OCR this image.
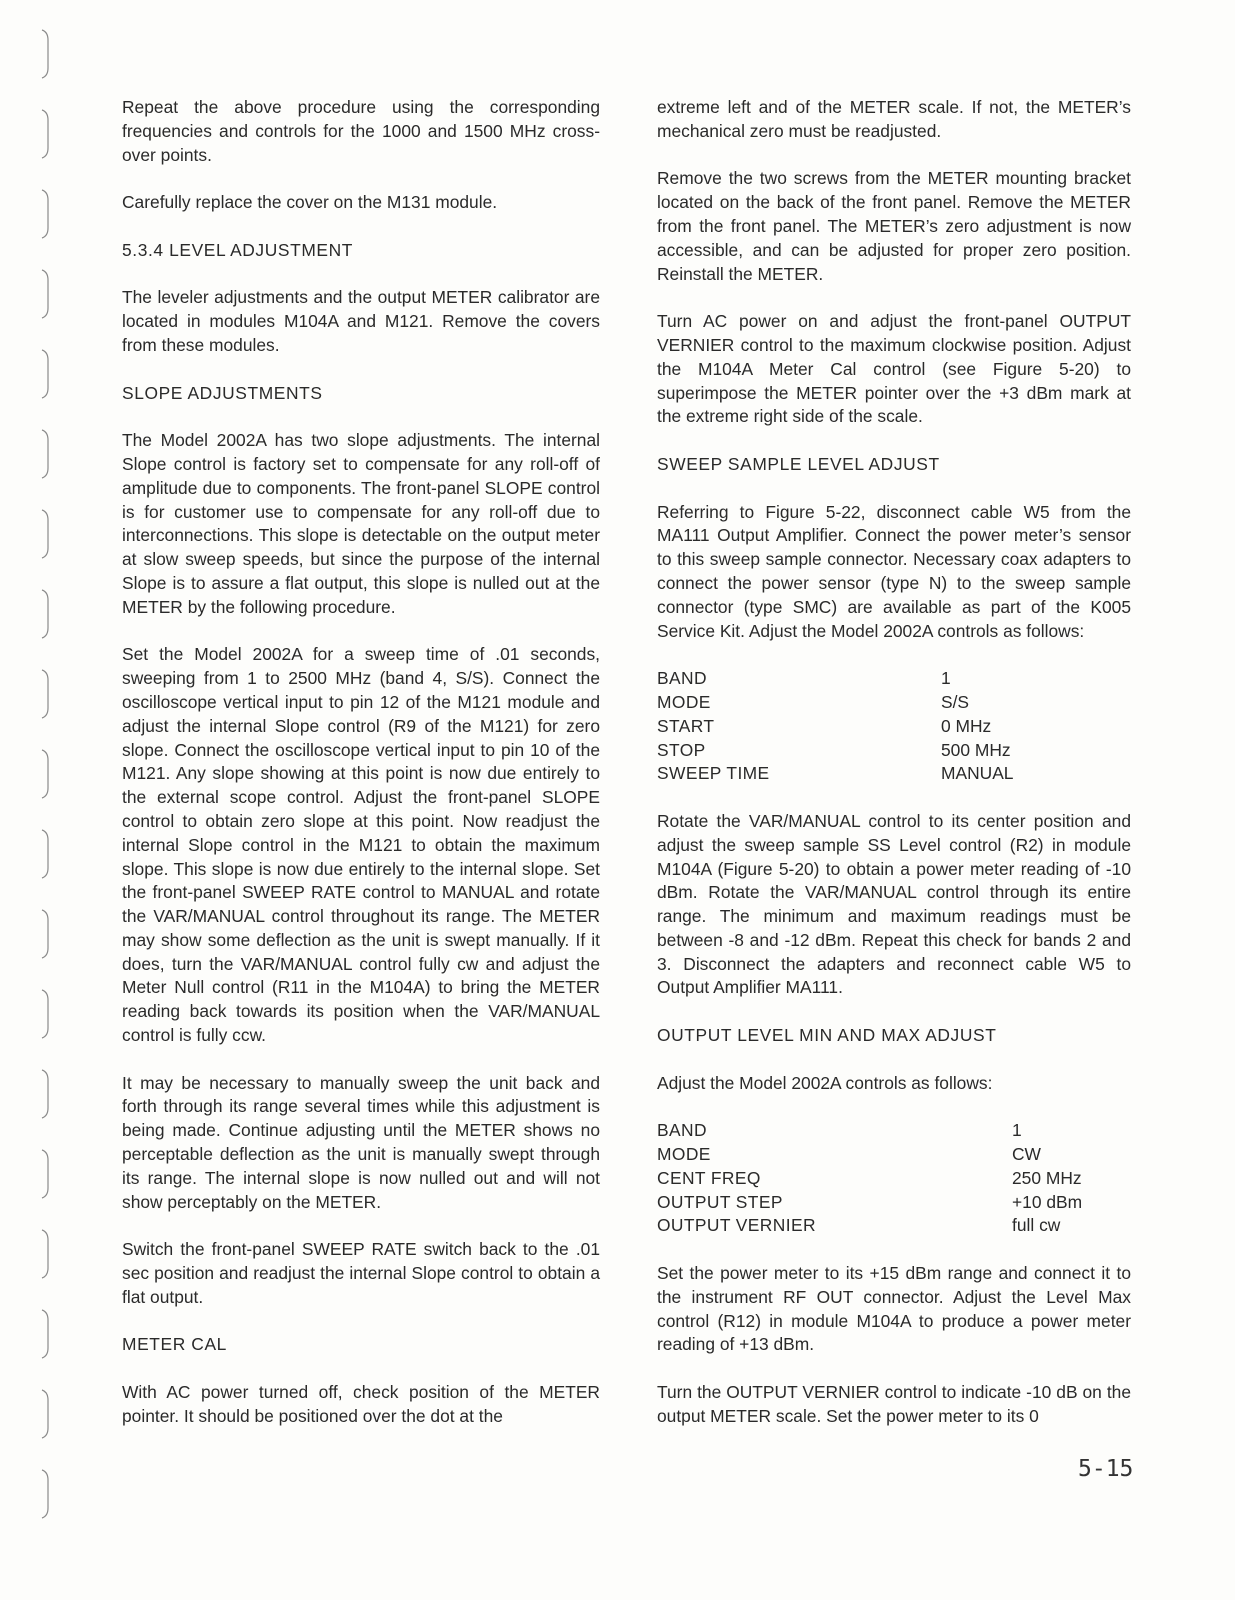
Repeat the above procedure using the corresponding frequencies and controls for the 1000 and 1500 MHz cross-over points.

Carefully replace the cover on the M131 module.

5.3.4 LEVEL ADJUSTMENT

The leveler adjustments and the output METER calibrator are located in modules M104A and M121. Remove the covers from these modules.

SLOPE ADJUSTMENTS

The Model 2002A has two slope adjustments. The internal Slope control is factory set to compensate for any roll-off of amplitude due to components. The front-panel SLOPE control is for customer use to compensate for any roll-off due to interconnections. This slope is detectable on the output meter at slow sweep speeds, but since the purpose of the internal Slope is to assure a flat output, this slope is nulled out at the METER by the following procedure.

Set the Model 2002A for a sweep time of .01 seconds, sweeping from 1 to 2500 MHz (band 4, S/S). Connect the oscilloscope vertical input to pin 12 of the M121 module and adjust the internal Slope control (R9 of the M121) for zero slope. Connect the oscilloscope vertical input to pin 10 of the M121. Any slope showing at this point is now due entirely to the external scope control. Adjust the front-panel SLOPE control to obtain zero slope at this point. Now readjust the internal Slope control in the M121 to obtain the maximum slope. This slope is now due entirely to the internal slope. Set the front-panel SWEEP RATE control to MANUAL and rotate the VAR/MANUAL control throughout its range. The METER may show some deflection as the unit is swept manually. If it does, turn the VAR/MANUAL control fully cw and adjust the Meter Null control (R11 in the M104A) to bring the METER reading back towards its position when the VAR/MANUAL control is fully ccw.

It may be necessary to manually sweep the unit back and forth through its range several times while this adjustment is being made. Continue adjusting until the METER shows no perceptable deflection as the unit is manually swept through its range. The internal slope is now nulled out and will not show perceptably on the METER.

Switch the front-panel SWEEP RATE switch back to the .01 sec position and readjust the internal Slope control to obtain a flat output.

METER CAL

With AC power turned off, check position of the METER pointer. It should be positioned over the dot at the

extreme left and of the METER scale. If not, the METER’s mechanical zero must be readjusted.

Remove the two screws from the METER mounting bracket located on the back of the front panel. Remove the METER from the front panel. The METER’s zero adjustment is now accessible, and can be adjusted for proper zero position. Reinstall the METER.

Turn AC power on and adjust the front-panel OUTPUT VERNIER control to the maximum clockwise position. Adjust the M104A Meter Cal control (see Figure 5-20) to superimpose the METER pointer over the +3 dBm mark at the extreme right side of the scale.

SWEEP SAMPLE LEVEL ADJUST

Referring to Figure 5-22, disconnect cable W5 from the MA111 Output Amplifier. Connect the power meter’s sensor to this sweep sample connector. Necessary coax adapters to connect the power sensor (type N) to the sweep sample connector (type SMC) are available as part of the K005 Service Kit. Adjust the Model 2002A controls as follows:

BAND	1
MODE	S/S
START	0 MHz
STOP	500 MHz
SWEEP TIME	MANUAL

Rotate the VAR/MANUAL control to its center position and adjust the sweep sample SS Level control (R2) in module M104A (Figure 5-20) to obtain a power meter reading of -10 dBm. Rotate the VAR/MANUAL control through its entire range. The minimum and maximum readings must be between -8 and -12 dBm. Repeat this check for bands 2 and 3. Disconnect the adapters and reconnect cable W5 to Output Amplifier MA111.

OUTPUT LEVEL MIN AND MAX ADJUST

Adjust the Model 2002A controls as follows:

BAND	1
MODE	CW
CENT FREQ	250 MHz
OUTPUT STEP	+10 dBm
OUTPUT VERNIER	full cw

Set the power meter to its +15 dBm range and connect it to the instrument RF OUT connector. Adjust the Level Max control (R12) in module M104A to produce a power meter reading of +13 dBm.

Turn the OUTPUT VERNIER control to indicate -10 dB on the output METER scale. Set the power meter to its 0

5-15
